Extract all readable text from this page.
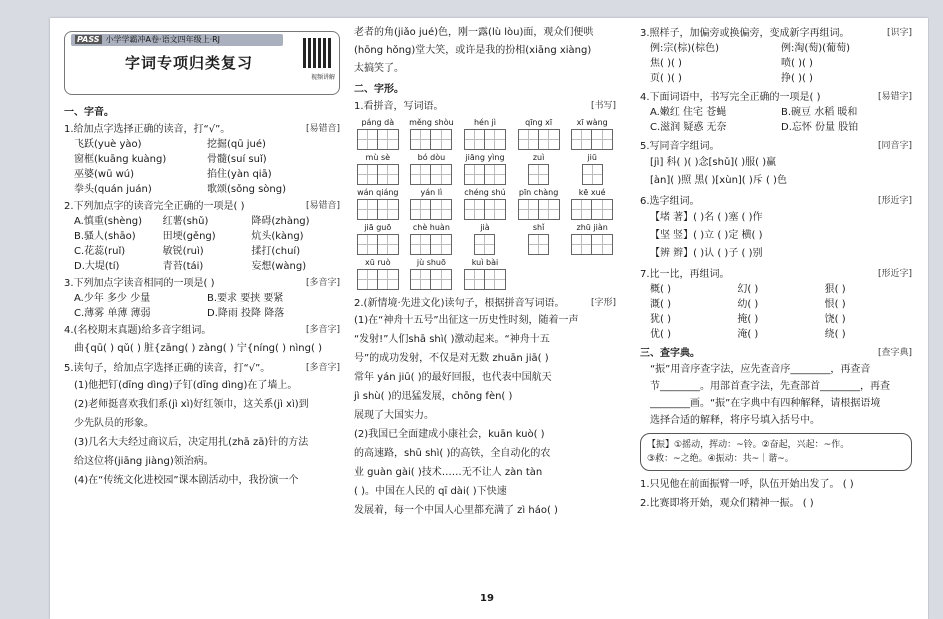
PASS 小学学霸冲A卷·语文四年级上·RJ
字词专项归类复习
视频讲解
一、字音。
1.给加点字选择正确的读音，打“√”。	[易错音]
飞跃(yuè yào)	挖掘(qū jué)
窗框(kuāng kuàng)	骨髓(suí suǐ)
巫婆(wū wú)	掐住(yàn qiā)
拳头(quán juán)	歌颂(sǒng sòng)
2.下列加点字的读音完全正确的一项是( )	[易错音]
A.慎重(shèng)	红薯(shǔ)	降碍(zhàng)
B.骚人(shāo)	田埂(gěng)	炕头(kàng)
C.花蕊(ruǐ)	敏锐(ruì)	揉打(chuí)
D.大堤(tí)	青苔(tái)	妄想(wàng)
3.下列加点字读音相同的一项是( )	[多音字]
A.少年 多少 少量	B.要求 要挟 要紧
C.薄雾 单薄 薄弱	D.降雨 投降 降落
4.(名校期末真题)给多音字组词。	[多音字]
曲{qū( ) qǔ( ) 脏{zāng( ) zàng( ) 宁{níng( ) nìng( )
5.读句子，给加点字选择正确的读音，打“√”。	[多音字]
(1)他把钉(dīng dìng)子钉(dīng dìng)在了墙上。
(2)老师挺喜欢我们系(jì xì)好红领巾，这关系(jì xì)到
少先队员的形象。
(3)几名大夫经过商议后，决定用扎(zhā zā)针的方法
给这位将(jiāng jiàng)领治病。
(4)在“传统文化进校园”课本剧活动中，我扮演一个
老者的角(jiǎo jué)色，刚一露(lù lòu)面，观众们便哄
(hōng hǒng)堂大笑，或许是我的扮相(xiāng xiàng)
太搞笑了。
二、字形。
1.看拼音，写词语。	[书写]
páng dà	měng shòu	hén jì	qīng xī	xī wàng
mù sè	bó dòu	jiāng yìng	zuì	jiū
wán qiáng	yán lì	chéng shú	pīn chàng	kē xué
jiā guō	chè huàn	jià	shǐ	zhū jiàn
xū ruò	jù shuō	kuì bài
2.(新情境·先进文化)读句子，根据拼音写词语。	[字形]
(1)在“神舟十五号”出征这一历史性时刻，随着一声
“发射!”人们shā shì( )激动起来。“神舟十五
号”的成功发射，不仅是对无数 zhuān jiā( )
常年 yán jiū( )的最好回报，也代表中国航天
jì shù( )的迅猛发展，chōng fèn( )
展现了大国实力。
(2)我国已全面建成小康社会，kuān kuò( )
的高速路，shū shì( )的高铁，全自动化的农
业 guàn gài( )技术……无不让人 zàn tàn
( )。中国在人民的 qī dài( )下快速
发展着，每一个中国人心里都充满了 zì háo( )
19
3.照样子，加偏旁或换偏旁，变成新字再组词。	[识字]
例:宗(棕)(棕色)	例:淘(萄)(葡萄)
焦( )( )	喷( )( )
页( )( )	挣( )( )
4.下面词语中，书写完全正确的一项是( )	[易错字]
A.嫩红 住宅 苍蝇	B.碗豆 水稻 暖和
C.滋润 疑惑 无奈	D.忘怀 份量 股铂
5.写同音字组词。	[同音字]
[jì] 科( )( )念[shǔ]( )服( )赢
[àn]( )照 黑( )[xùn]( )斥 ( )色
6.选字组词。	[形近字]
【堵 著】( )名 ( )塞 ( )作
【坚 竖】( )立 ( )定 横( )
【辨 辫】( )认 ( )子 ( )别
7.比一比，再组词。	[形近字]
概( )	幻( )	狠( )
溉( )	幼( )	恨( )
犹( )	掩( )	饶( )
优( )	淹( )	绕( )
三、查字典。	[查字典]
“振”用音序查字法，应先查音序________，再查音
节________。用部首查字法，先查部首________，再查
________画。“振”在字典中有四种解释，请根据语境
选择合适的解释，将序号填入括号中。
【振】①摇动，挥动：~铃。②奋起，兴起：~作。
③救：~之绝。④振动：共~｜谐~。
1.只见他在前面振臂一呼，队伍开始出发了。 ( )
2.比赛即将开始，观众们精神一振。 ( )
